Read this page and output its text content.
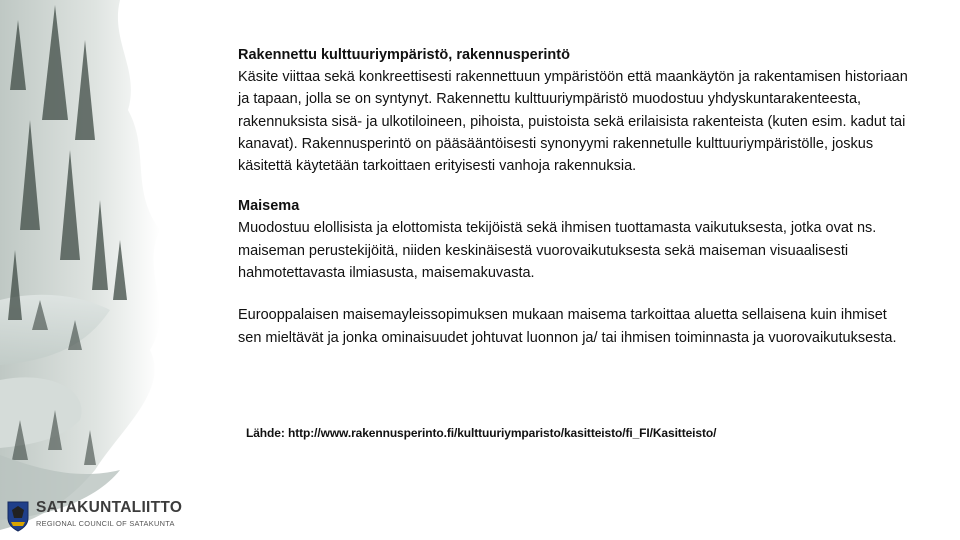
Rakennettu kulttuuriympäristö, rakennusperintö

Käsite viittaa sekä konkreettisesti rakennettuun ympäristöön että maankäytön ja rakentamisen historiaan ja tapaan, jolla se on syntynyt. Rakennettu kulttuuriympäristö muodostuu yhdyskuntarakenteesta, rakennuksista sisä- ja ulkotiloineen, pihoista, puistoista sekä erilaisista rakenteista (kuten esim. kadut tai kanavat). Rakennusperintö on pääsääntöisesti synonyymi rakennetulle kulttuuriympäristölle, joskus käsitettä käytetään tarkoittaen erityisesti vanhoja rakennuksia.

Maisema

Muodostuu elollisista ja elottomista tekijöistä sekä ihmisen tuottamasta vaikutuksesta, jotka ovat ns. maiseman perustekijöitä, niiden keskinäisestä vuorovaikutuksesta sekä maiseman visuaalisesti hahmotettavasta ilmiasusta, maisemakuvasta.

Eurooppalaisen maisemayleissopimuksen mukaan maisema tarkoittaa aluetta sellaisena kuin ihmiset sen mieltävät ja jonka ominaisuudet johtuvat luonnon ja/ tai ihmisen toiminnasta ja vuorovaikutuksesta.

Lähde: http://www.rakennusperinto.fi/kulttuuriymparisto/kasitteisto/fi_FI/Kasitteisto/
SATAKUNTALIITTO
REGIONAL COUNCIL OF SATAKUNTA
